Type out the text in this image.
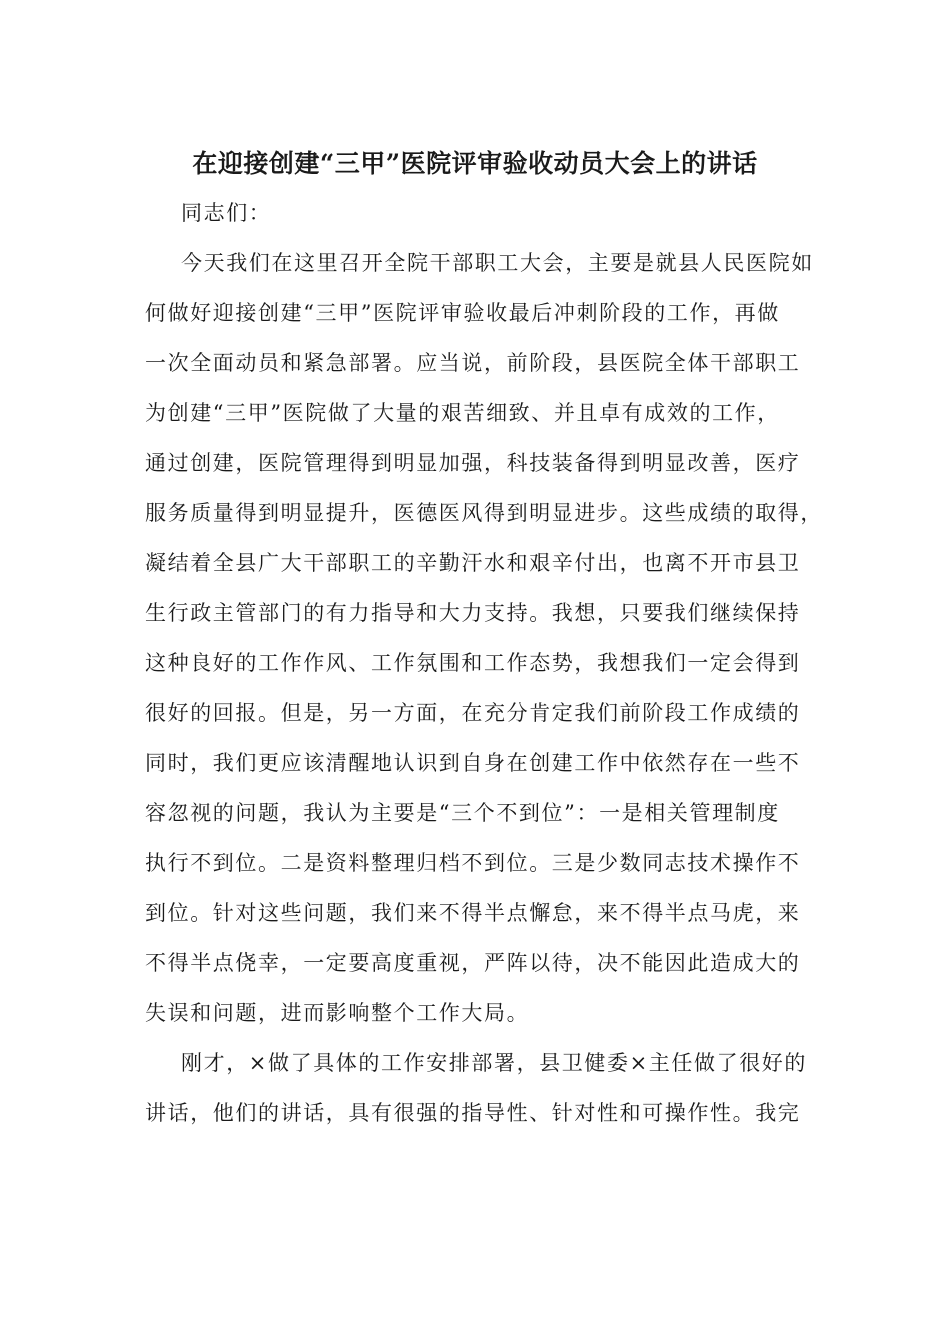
在迎接创建“三甲”医院评审验收动员大会上的讲话
同志们：
今天我们在这里召开全院干部职工大会，主要是就县人民医院如
何做好迎接创建“三甲”医院评审验收最后冲刺阶段的工作，再做
一次全面动员和紧急部署。应当说，前阶段，县医院全体干部职工
为创建“三甲”医院做了大量的艰苦细致、并且卓有成效的工作，
通过创建，医院管理得到明显加强，科技装备得到明显改善，医疗
服务质量得到明显提升，医德医风得到明显进步。这些成绩的取得，
凝结着全县广大干部职工的辛勤汗水和艰辛付出，也离不开市县卫
生行政主管部门的有力指导和大力支持。我想，只要我们继续保持
这种良好的工作作风、工作氛围和工作态势，我想我们一定会得到
很好的回报。但是，另一方面，在充分肯定我们前阶段工作成绩的
同时，我们更应该清醒地认识到自身在创建工作中依然存在一些不
容忽视的问题，我认为主要是“三个不到位”：一是相关管理制度
执行不到位。二是资料整理归档不到位。三是少数同志技术操作不
到位。针对这些问题，我们来不得半点懈怠，来不得半点马虎，来
不得半点侥幸，一定要高度重视，严阵以待，决不能因此造成大的
失误和问题，进而影响整个工作大局。
刚才，×做了具体的工作安排部署，县卫健委×主任做了很好的
讲话，他们的讲话，具有很强的指导性、针对性和可操作性。我完
